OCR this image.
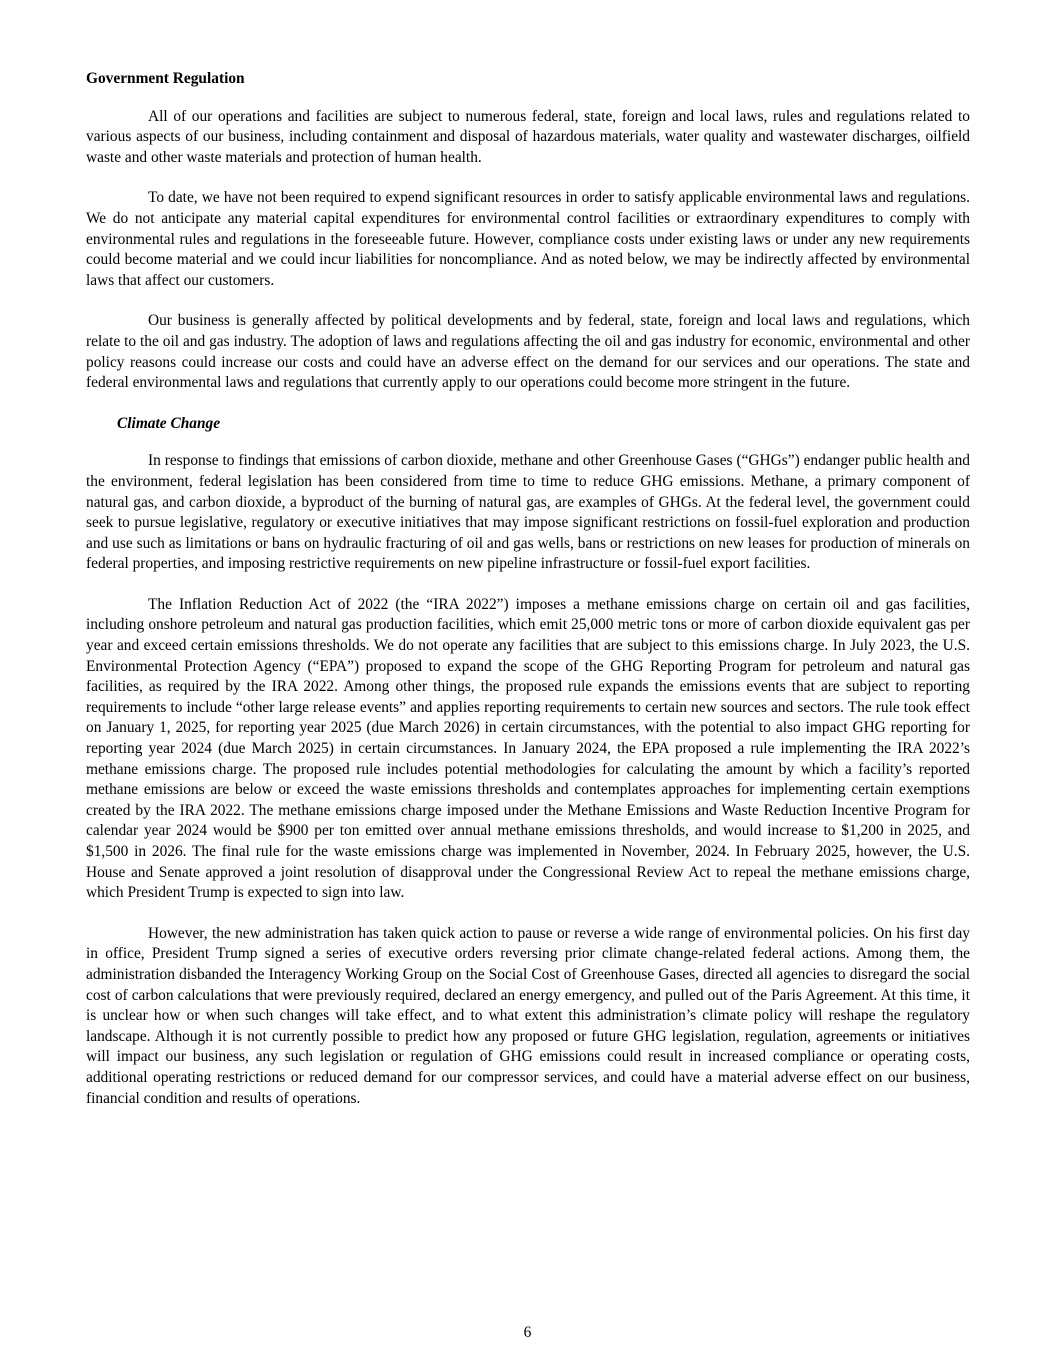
Government Regulation

All of our operations and facilities are subject to numerous federal, state, foreign and local laws, rules and regulations related to various aspects of our business, including containment and disposal of hazardous materials, water quality and wastewater discharges, oilfield waste and other waste materials and protection of human health.

To date, we have not been required to expend significant resources in order to satisfy applicable environmental laws and regulations. We do not anticipate any material capital expenditures for environmental control facilities or extraordinary expenditures to comply with environmental rules and regulations in the foreseeable future. However, compliance costs under existing laws or under any new requirements could become material and we could incur liabilities for noncompliance. And as noted below, we may be indirectly affected by environmental laws that affect our customers.

Our business is generally affected by political developments and by federal, state, foreign and local laws and regulations, which relate to the oil and gas industry. The adoption of laws and regulations affecting the oil and gas industry for economic, environmental and other policy reasons could increase our costs and could have an adverse effect on the demand for our services and our operations. The state and federal environmental laws and regulations that currently apply to our operations could become more stringent in the future.

Climate Change

In response to findings that emissions of carbon dioxide, methane and other Greenhouse Gases (“GHGs”) endanger public health and the environment, federal legislation has been considered from time to time to reduce GHG emissions. Methane, a primary component of natural gas, and carbon dioxide, a byproduct of the burning of natural gas, are examples of GHGs. At the federal level, the government could seek to pursue legislative, regulatory or executive initiatives that may impose significant restrictions on fossil-fuel exploration and production and use such as limitations or bans on hydraulic fracturing of oil and gas wells, bans or restrictions on new leases for production of minerals on federal properties, and imposing restrictive requirements on new pipeline infrastructure or fossil-fuel export facilities.

The Inflation Reduction Act of 2022 (the “IRA 2022”) imposes a methane emissions charge on certain oil and gas facilities, including onshore petroleum and natural gas production facilities, which emit 25,000 metric tons or more of carbon dioxide equivalent gas per year and exceed certain emissions thresholds. We do not operate any facilities that are subject to this emissions charge. In July 2023, the U.S. Environmental Protection Agency (“EPA”) proposed to expand the scope of the GHG Reporting Program for petroleum and natural gas facilities, as required by the IRA 2022. Among other things, the proposed rule expands the emissions events that are subject to reporting requirements to include “other large release events” and applies reporting requirements to certain new sources and sectors. The rule took effect on January 1, 2025, for reporting year 2025 (due March 2026) in certain circumstances, with the potential to also impact GHG reporting for reporting year 2024 (due March 2025) in certain circumstances. In January 2024, the EPA proposed a rule implementing the IRA 2022’s methane emissions charge. The proposed rule includes potential methodologies for calculating the amount by which a facility’s reported methane emissions are below or exceed the waste emissions thresholds and contemplates approaches for implementing certain exemptions created by the IRA 2022. The methane emissions charge imposed under the Methane Emissions and Waste Reduction Incentive Program for calendar year 2024 would be $900 per ton emitted over annual methane emissions thresholds, and would increase to $1,200 in 2025, and $1,500 in 2026. The final rule for the waste emissions charge was implemented in November, 2024. In February 2025, however, the U.S. House and Senate approved a joint resolution of disapproval under the Congressional Review Act to repeal the methane emissions charge, which President Trump is expected to sign into law.

However, the new administration has taken quick action to pause or reverse a wide range of environmental policies. On his first day in office, President Trump signed a series of executive orders reversing prior climate change-related federal actions. Among them, the administration disbanded the Interagency Working Group on the Social Cost of Greenhouse Gases, directed all agencies to disregard the social cost of carbon calculations that were previously required, declared an energy emergency, and pulled out of the Paris Agreement. At this time, it is unclear how or when such changes will take effect, and to what extent this administration’s climate policy will reshape the regulatory landscape. Although it is not currently possible to predict how any proposed or future GHG legislation, regulation, agreements or initiatives will impact our business, any such legislation or regulation of GHG emissions could result in increased compliance or operating costs, additional operating restrictions or reduced demand for our compressor services, and could have a material adverse effect on our business, financial condition and results of operations.

6
